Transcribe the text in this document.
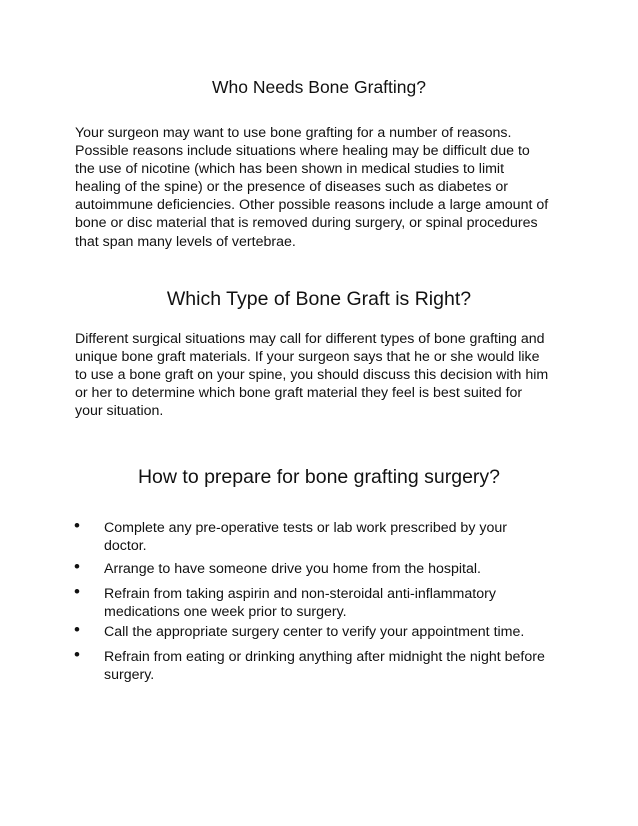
Who Needs Bone Grafting?

Your surgeon may want to use bone grafting for a number of reasons.
Possible reasons include situations where healing may be difficult due to
the use of nicotine (which has been shown in medical studies to limit
healing of the spine) or the presence of diseases such as diabetes or
autoimmune deficiencies. Other possible reasons include a large amount of
bone or disc material that is removed during surgery, or spinal procedures
that span many levels of vertebrae.

Which Type of Bone Graft is Right?

Different surgical situations may call for different types of bone grafting and
unique bone graft materials. If your surgeon says that he or she would like
to use a bone graft on your spine, you should discuss this decision with him
or her to determine which bone graft material they feel is best suited for
your situation.

How to prepare for bone grafting surgery?
• Complete any pre-operative tests or lab work prescribed by your
doctor.

• Arrange to have someone drive you home from the hospital.

• Refrain from taking aspirin and non-steroidal anti-inflammatory
medications one week prior to surgery.

• Call the appropriate surgery center to verify your appointment time.

• Refrain from eating or drinking anything after midnight the night before
surgery.
